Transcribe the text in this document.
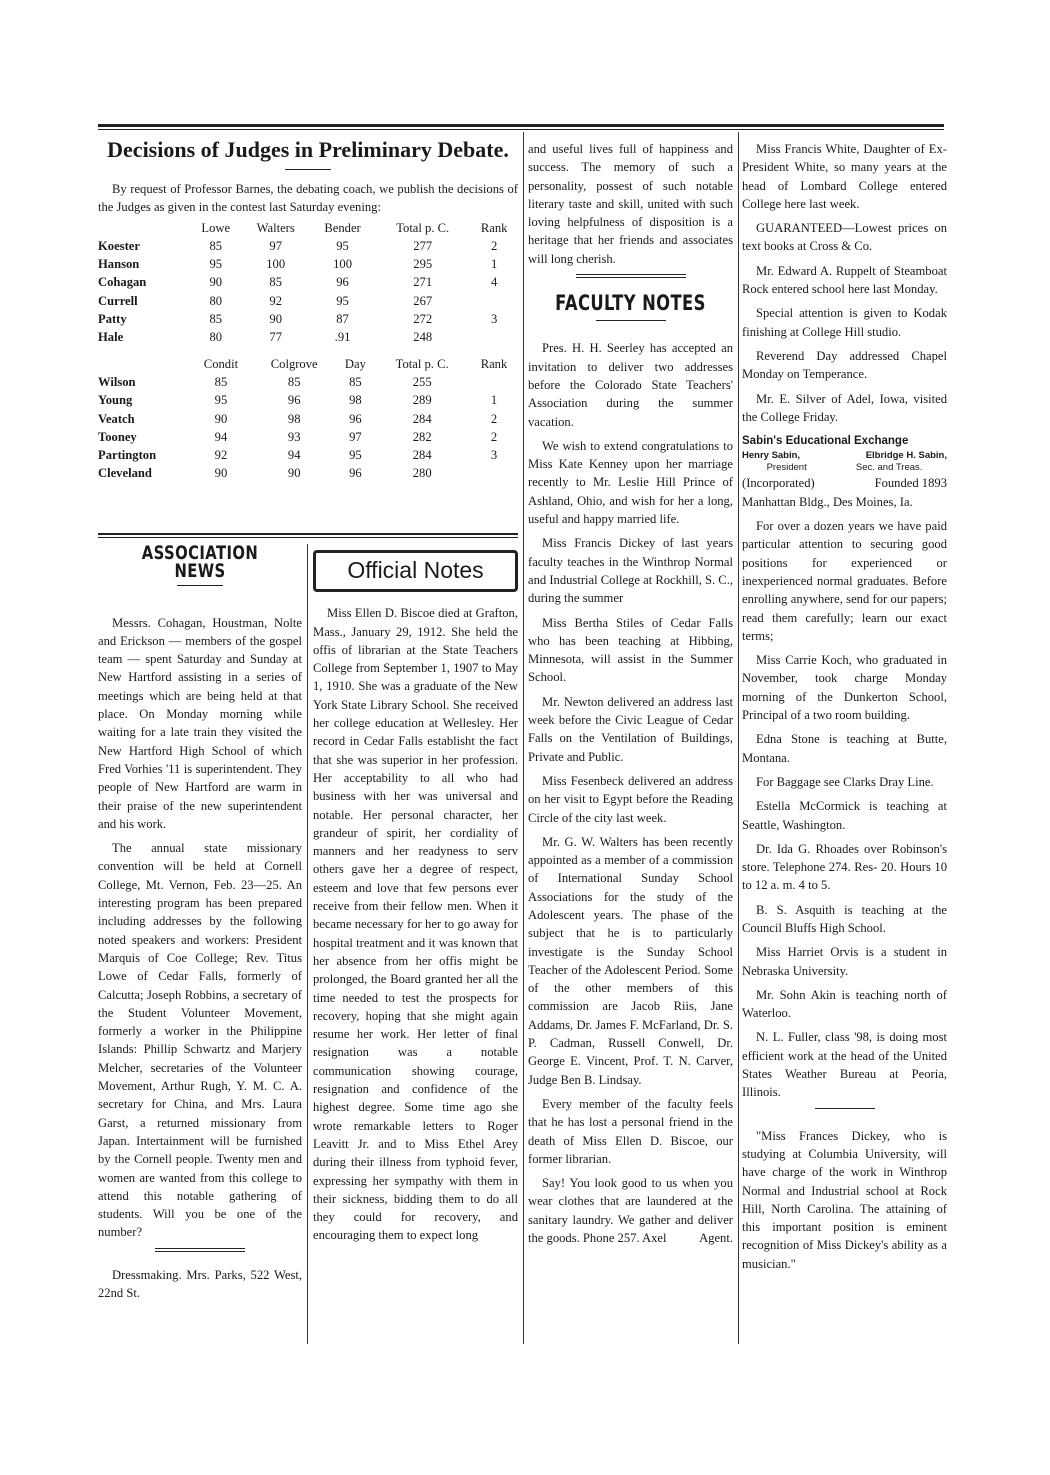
Decisions of Judges in Preliminary Debate.

By request of Professor Barnes, the debating coach, we publish the decisions of the Judges as given in the contest last Saturday evening:

	Lowe	Walters	Bender	Total p. C.	Rank
Koester	85	97	95	277	2
Hanson	95	100	100	295	1
Cohagan	90	85	96	271	4
Currell	80	92	95	267	
Patty	85	90	87	272	3
Hale	80	77	.91	248	

	Condit	Colgrove	Day	Total p. C.	Rank
Wilson	85	85	85	255	
Young	95	96	98	289	1
Veatch	90	98	96	284	2
Tooney	94	93	97	282	2
Partington	92	94	95	284	3
Cleveland	90	90	96	280	
ASSOCIATION NEWS

Messrs. Cohagan, Houstman, Nolte and Erickson — members of the gospel team — spent Saturday and Sunday at New Hartford assisting in a series of meetings which are being held at that place. On Monday morning while waiting for a late train they visited the New Hartford High School of which Fred Vorhies '11 is superintendent. They people of New Hartford are warm in their praise of the new superintendent and his work.

The annual state missionary convention will be held at Cornell College, Mt. Vernon, Feb. 23—25. An interesting program has been prepared including addresses by the following noted speakers and workers: President Marquis of Coe College; Rev. Titus Lowe of Cedar Falls, formerly of Calcutta; Joseph Robbins, a secretary of the Student Volunteer Movement, formerly a worker in the Philippine Islands: Phillip Schwartz and Marjery Melcher, secretaries of the Volunteer Movement, Arthur Rugh, Y. M. C. A. secretary for China, and Mrs. Laura Garst, a returned missionary from Japan. Intertainment will be furnished by the Cornell people. Twenty men and women are wanted from this college to attend this notable gathering of students. Will you be one of the number?

Dressmaking. Mrs. Parks, 522 West, 22nd St.

Official Notes

Miss Ellen D. Biscoe died at Grafton, Mass., January 29, 1912. She held the offis of librarian at the State Teachers College from September 1, 1907 to May 1, 1910. She was a graduate of the New York State Library School. She received her college education at Wellesley. Her record in Cedar Falls establisht the fact that she was superior in her profession. Her acceptability to all who had business with her was universal and notable. Her personal character, her grandeur of spirit, her cordiality of manners and her readyness to serv others gave her a degree of respect, esteem and love that few persons ever receive from their fellow men. When it became necessary for her to go away for hospital treatment and it was known that her absence from her offis might be prolonged, the Board granted her all the time needed to test the prospects for recovery, hoping that she might again resume her work. Her letter of final resignation was a notable communication showing courage, resignation and confidence of the highest degree. Some time ago she wrote remarkable letters to Roger Leavitt Jr. and to Miss Ethel Arey during their illness from typhoid fever, expressing her sympathy with them in their sickness, bidding them to do all they could for recovery, and encouraging them to expect long

and useful lives full of happiness and success. The memory of such a personality, possest of such notable literary taste and skill, united with such loving helpfulness of disposition is a heritage that her friends and associates will long cherish.

FACULTY NOTES

Pres. H. H. Seerley has accepted an invitation to deliver two addresses before the Colorado State Teachers' Association during the summer vacation.

We wish to extend congratulations to Miss Kate Kenney upon her marriage recently to Mr. Leslie Hill Prince of Ashland, Ohio, and wish for her a long, useful and happy married life.

Miss Francis Dickey of last years faculty teaches in the Winthrop Normal and Industrial College at Rockhill, S. C., during the summer

Miss Bertha Stiles of Cedar Falls who has been teaching at Hibbing, Minnesota, will assist in the Summer School.

Mr. Newton delivered an address last week before the Civic League of Cedar Falls on the Ventilation of Buildings, Private and Public.

Miss Fesenbeck delivered an address on her visit to Egypt before the Reading Circle of the city last week.

Mr. G. W. Walters has been recently appointed as a member of a commission of International Sunday School Associations for the study of the Adolescent years. The phase of the subject that he is to particularly investigate is the Sunday School Teacher of the Adolescent Period. Some of the other members of this commission are Jacob Riis, Jane Addams, Dr. James F. McFarland, Dr. S. P. Cadman, Russell Conwell, Dr. George E. Vincent, Prof. T. N. Carver, Judge Ben B. Lindsay.

Every member of the faculty feels that he has lost a personal friend in the death of Miss Ellen D. Biscoe, our former librarian.

Say! You look good to us when you wear clothes that are laundered at the sanitary laundry. We gather and deliver the goods. Phone 257. Axel	Agent.

Miss Francis White, Daughter of Ex-President White, so many years at the head of Lombard College entered College here last week.

GUARANTEED—Lowest prices on text books at Cross & Co.

Mr. Edward A. Ruppelt of Steamboat Rock entered school here last Monday.

Special attention is given to Kodak finishing at College Hill studio.

Reverend Day addressed Chapel Monday on Temperance.

Mr. E. Silver of Adel, Iowa, visited the College Friday.

Sabin's Educational Exchange
Henry Sabin,	Elbridge H. Sabin,
President	Sec. and Treas.
(Incorporated)	Founded 1893
Manhattan Bldg., Des Moines, Ia.

For over a dozen years we have paid particular attention to securing good positions for experienced or inexperienced normal graduates. Before enrolling anywhere, send for our papers; read them carefully; learn our exact terms;

Miss Carrie Koch, who graduated in November, took charge Monday morning of the Dunkerton School, Principal of a two room building.

Edna Stone is teaching at Butte, Montana.

For Baggage see Clarks Dray Line.

Estella McCormick is teaching at Seattle, Washington.

Dr. Ida G. Rhoades over Robinson's store. Telephone 274. Res- 20. Hours 10 to 12 a. m. 4 to 5.

B. S. Asquith is teaching at the Council Bluffs High School.

Miss Harriet Orvis is a student in Nebraska University.

Mr. Sohn Akin is teaching north of Waterloo.

N. L. Fuller, class '98, is doing most efficient work at the head of the United States Weather Bureau at Peoria, Illinois.

"Miss Frances Dickey, who is studying at Columbia University, will have charge of the work in Winthrop Normal and Industrial school at Rock Hill, North Carolina. The attaining of this important position is eminent recognition of Miss Dickey's ability as a musician."
